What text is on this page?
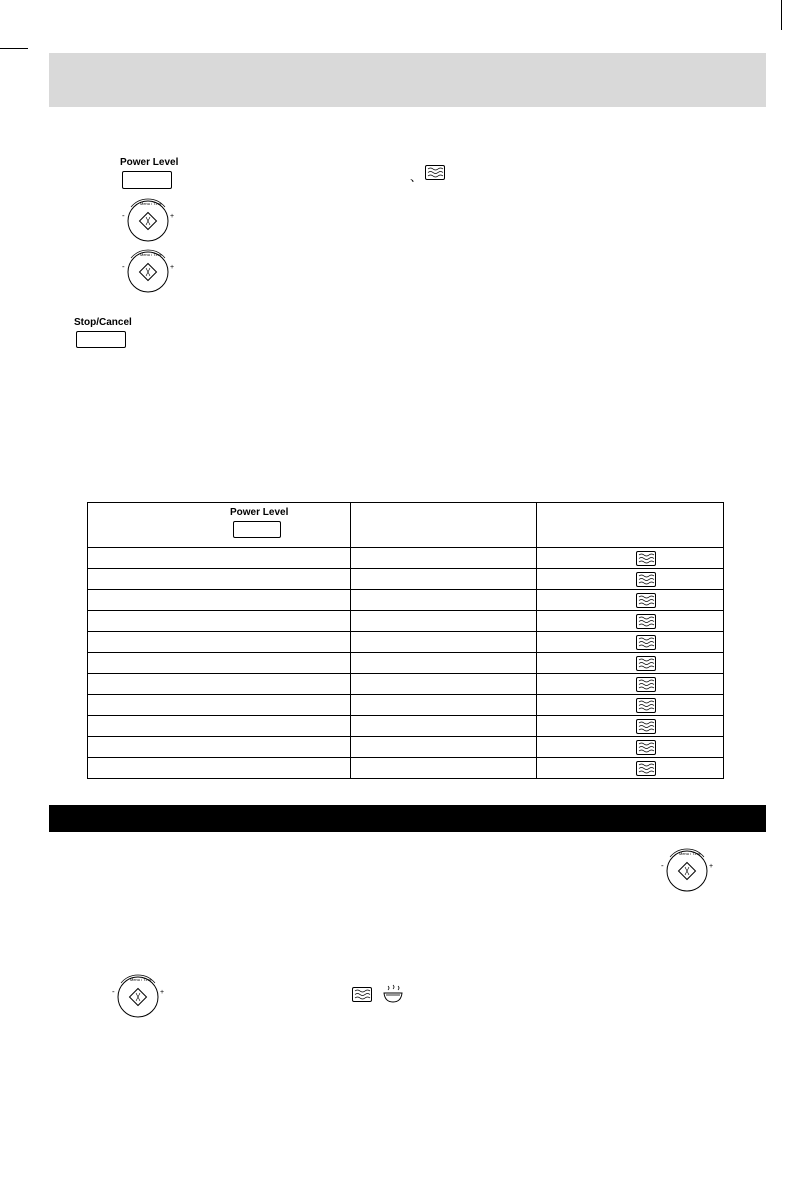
Power Level
、
Menu / Time
-	+
Menu / Time
-	+
Stop/Cancel
Power Level		

Menu / Time
-	+
Menu / Time
-	+
